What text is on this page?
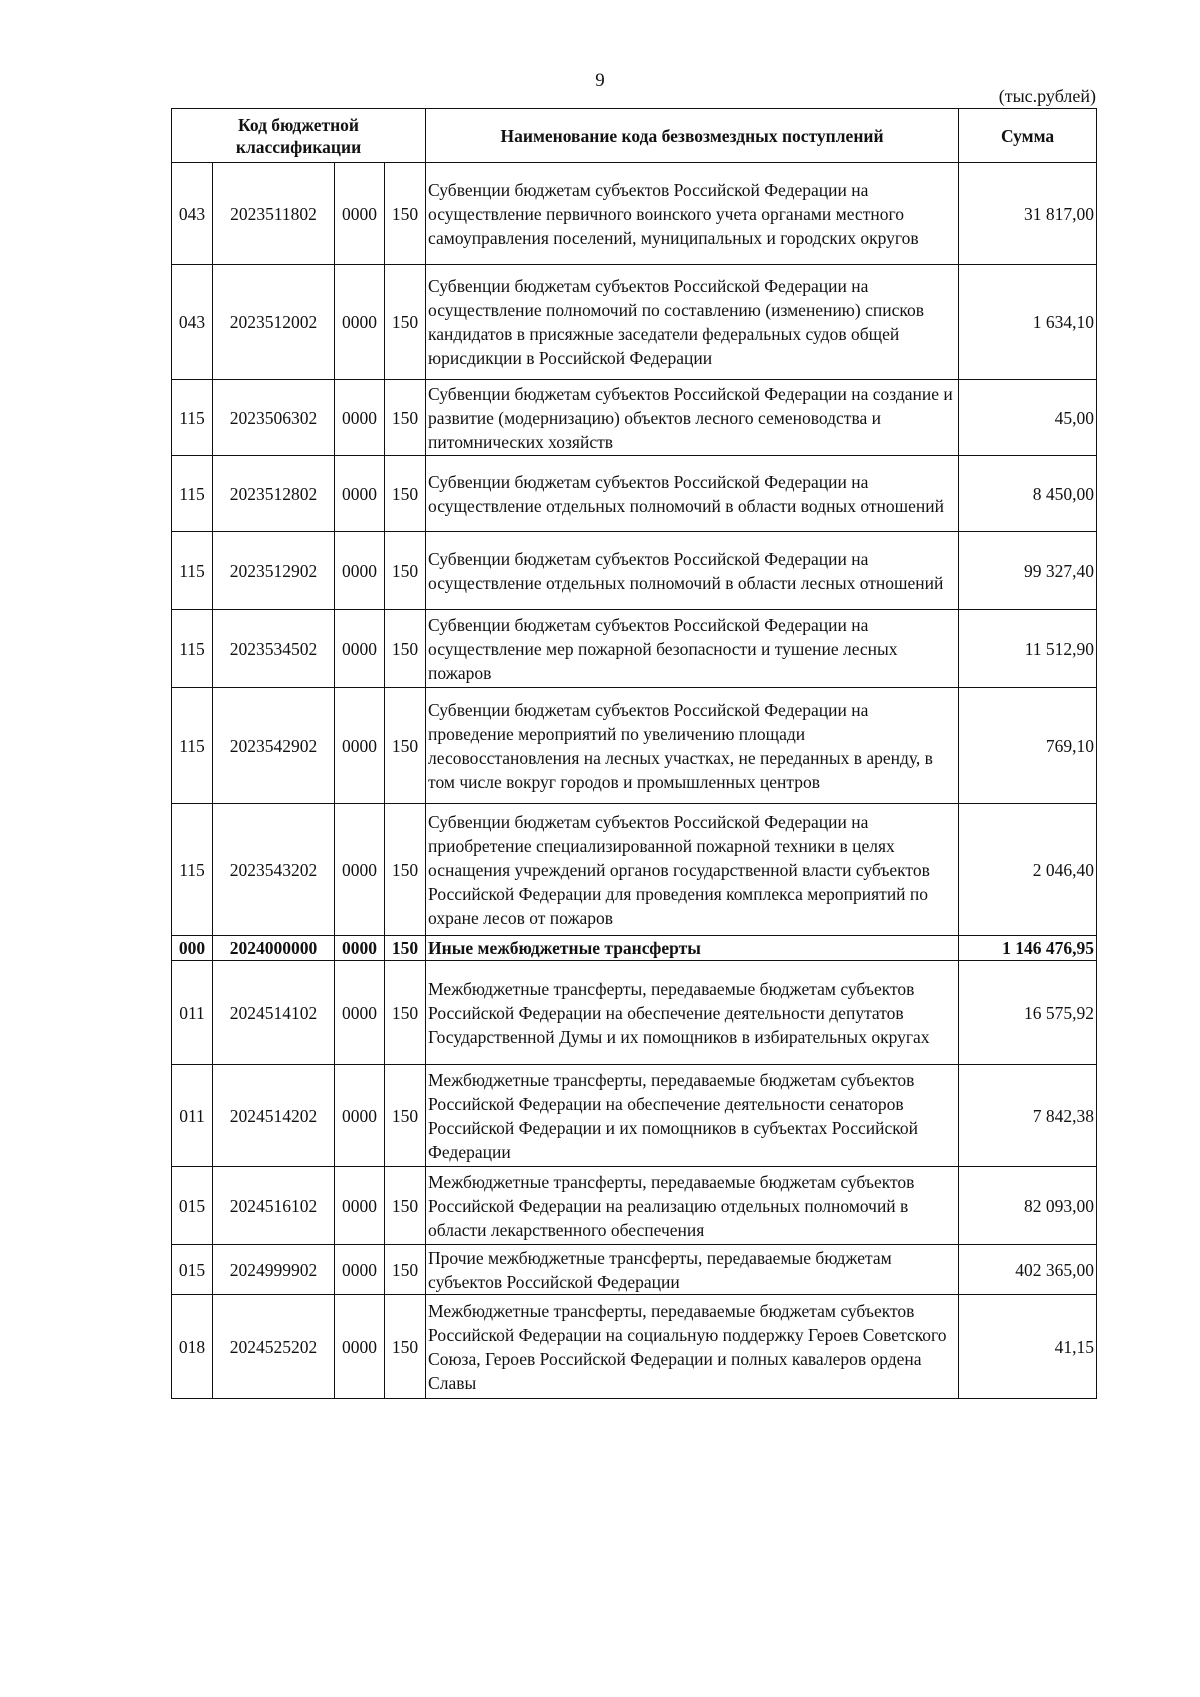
9
(тыс.рублей)
Код бюджетной классификации				Наименование кода безвозмездных поступлений	Сумма
043	2023511802	0000	150	Субвенции бюджетам субъектов Российской Федерации на осуществление первичного воинского учета органами местного самоуправления поселений, муниципальных и городских округов	31 817,00
043	2023512002	0000	150	Субвенции бюджетам субъектов Российской Федерации на осуществление полномочий по составлению (изменению) списков кандидатов в присяжные заседатели федеральных судов общей юрисдикции в Российской Федерации	1 634,10
115	2023506302	0000	150	Субвенции бюджетам субъектов Российской Федерации на создание и развитие (модернизацию) объектов лесного семеноводства и питомнических хозяйств	45,00
115	2023512802	0000	150	Субвенции бюджетам субъектов Российской Федерации на осуществление отдельных полномочий в области водных отношений	8 450,00
115	2023512902	0000	150	Субвенции бюджетам субъектов Российской Федерации на осуществление отдельных полномочий в области лесных отношений	99 327,40
115	2023534502	0000	150	Субвенции бюджетам субъектов Российской Федерации на осуществление мер пожарной безопасности и тушение лесных пожаров	11 512,90
115	2023542902	0000	150	Субвенции бюджетам субъектов Российской Федерации на проведение мероприятий по увеличению площади лесовосстановления на лесных участках, не переданных в аренду, в том числе вокруг городов и промышленных центров	769,10
115	2023543202	0000	150	Субвенции бюджетам субъектов Российской Федерации на приобретение специализированной пожарной техники в целях оснащения учреждений органов государственной власти субъектов Российской Федерации для проведения комплекса мероприятий по охране лесов от пожаров	2 046,40
000	2024000000	0000	150	Иные межбюджетные трансферты	1 146 476,95
011	2024514102	0000	150	Межбюджетные трансферты, передаваемые бюджетам субъектов Российской Федерации на обеспечение деятельности депутатов Государственной Думы и их помощников в избирательных округах	16 575,92
011	2024514202	0000	150	Межбюджетные трансферты, передаваемые бюджетам субъектов Российской Федерации на обеспечение деятельности сенаторов Российской Федерации и их помощников в субъектах Российской Федерации	7 842,38
015	2024516102	0000	150	Межбюджетные трансферты, передаваемые бюджетам субъектов Российской Федерации на реализацию отдельных полномочий в области лекарственного обеспечения	82 093,00
015	2024999902	0000	150	Прочие межбюджетные трансферты, передаваемые бюджетам субъектов Российской Федерации	402 365,00
018	2024525202	0000	150	Межбюджетные трансферты, передаваемые бюджетам субъектов Российской Федерации на социальную поддержку Героев Советского Союза, Героев Российской Федерации и полных кавалеров ордена Славы	41,15
